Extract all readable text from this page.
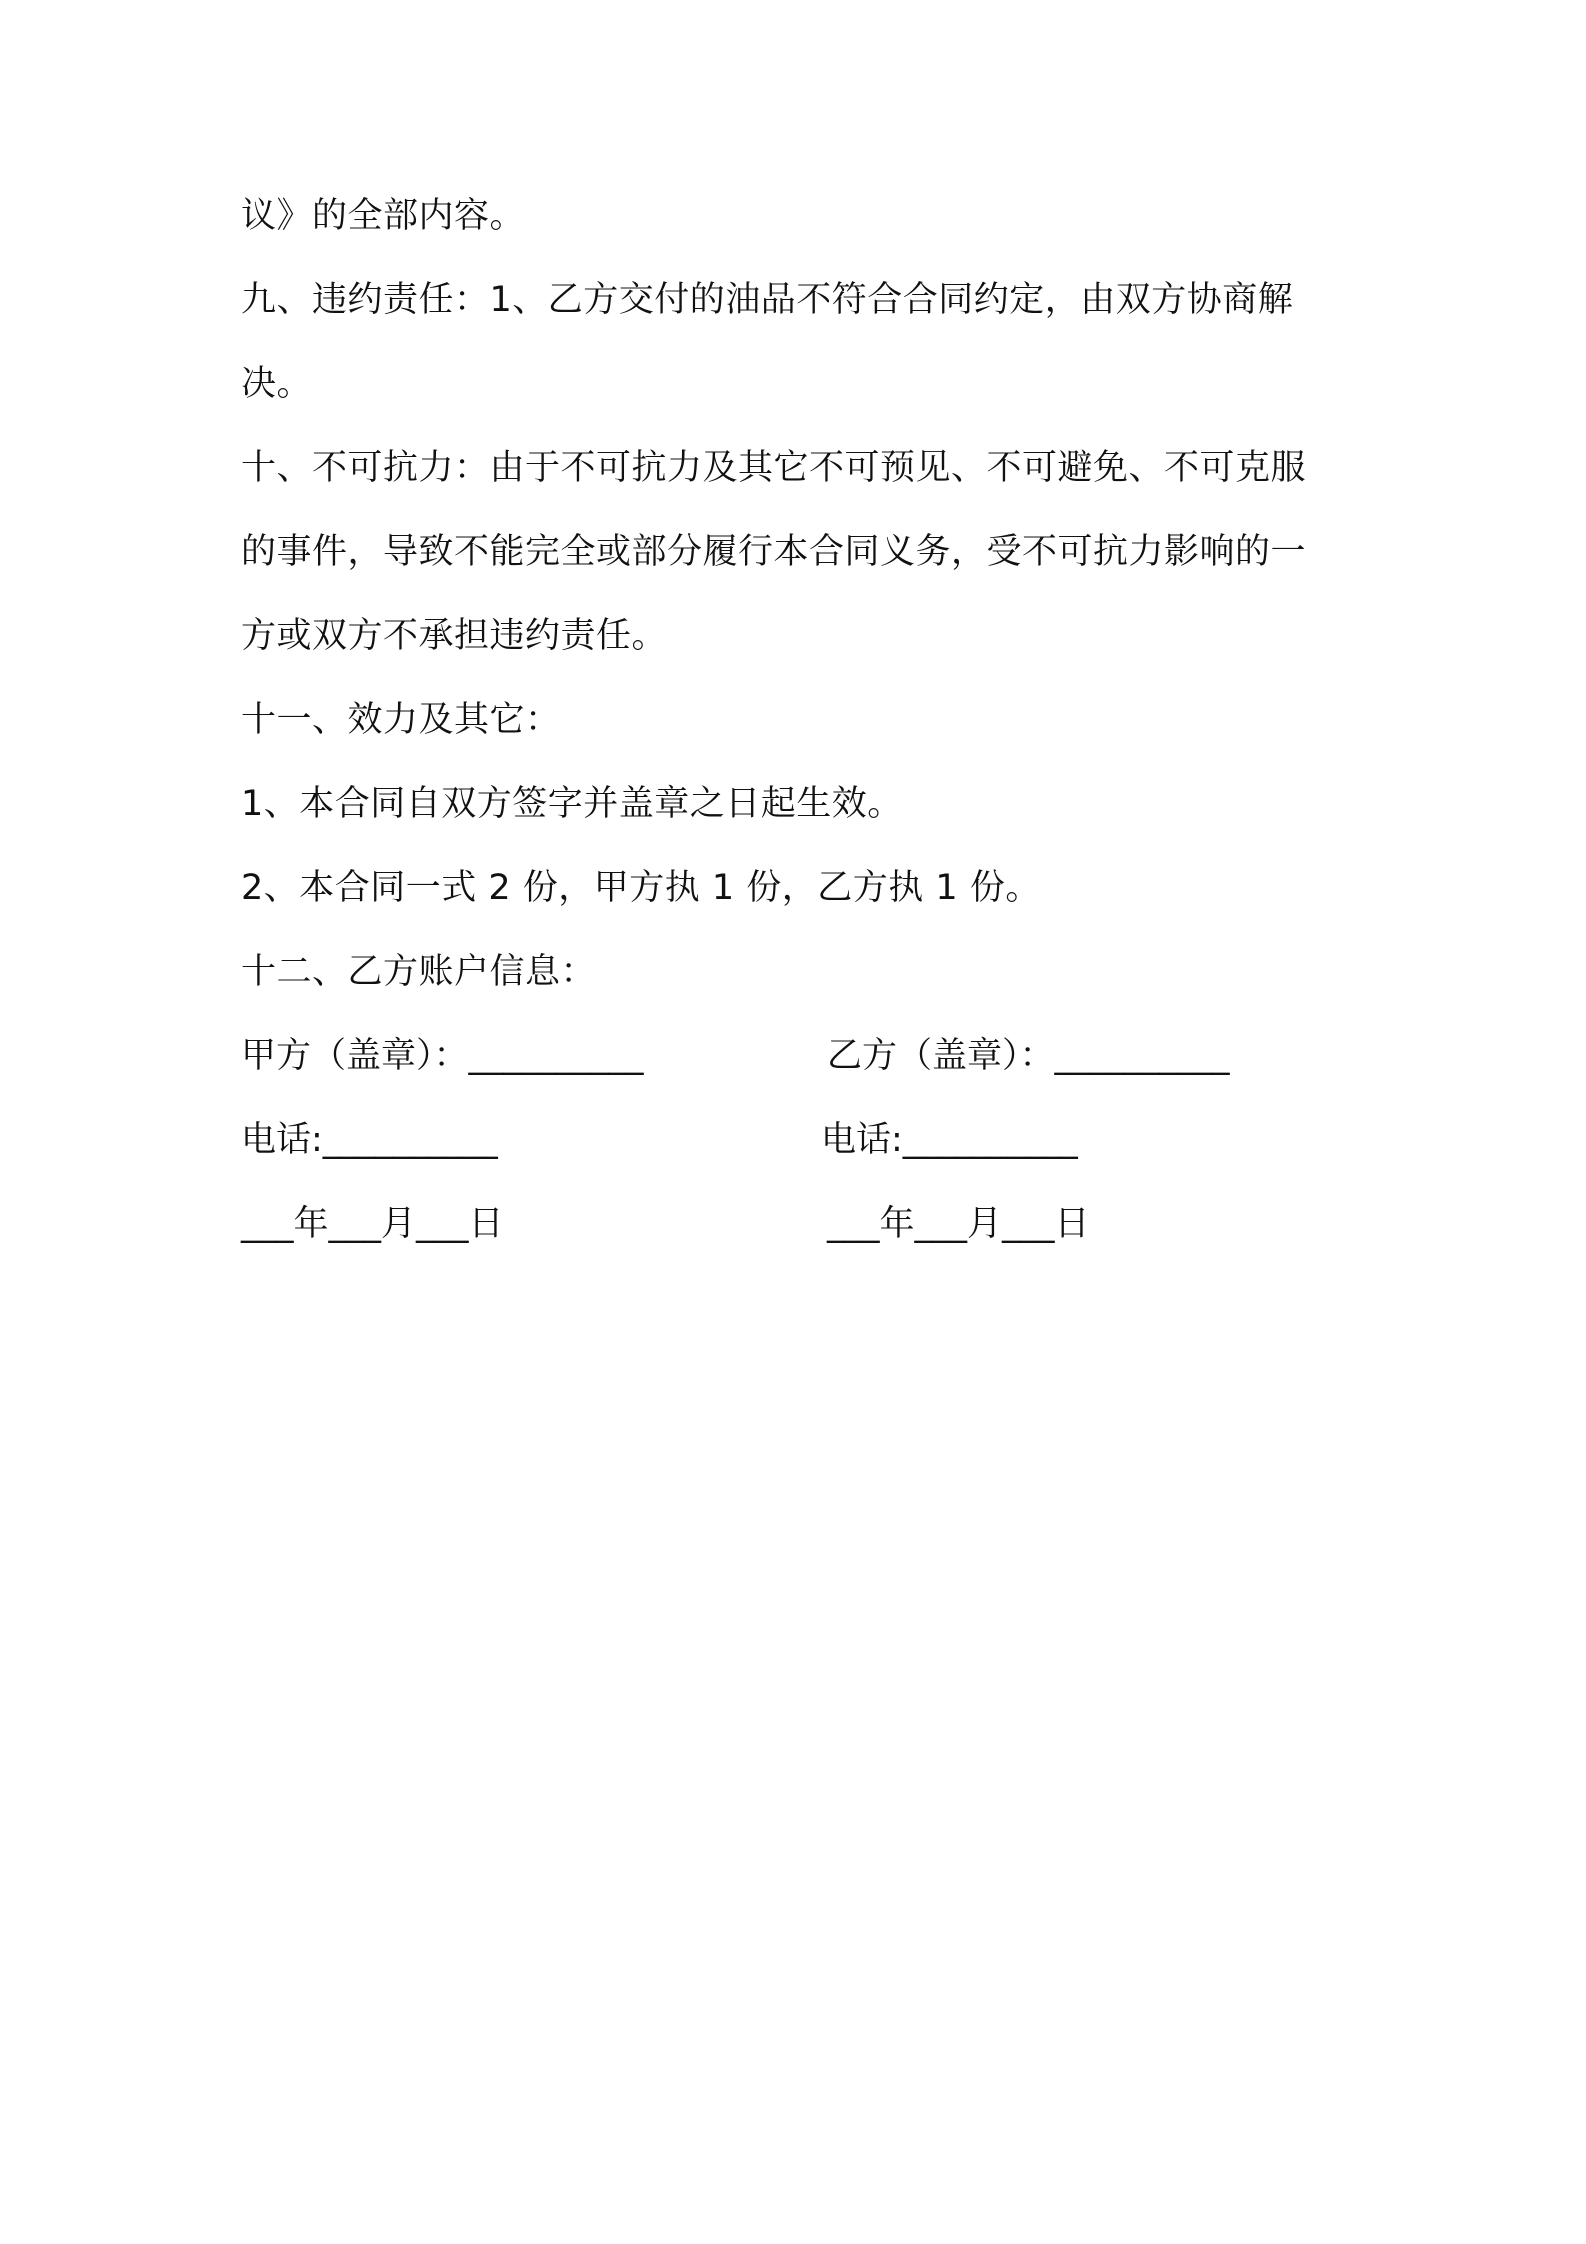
议》的全部内容。
九、违约责任：1、乙方交付的油品不符合合同约定，由双方协商解
决。
十、不可抗力：由于不可抗力及其它不可预见、不可避免、不可克服
的事件，导致不能完全或部分履行本合同义务，受不可抗力影响的一
方或双方不承担违约责任。
十一、效力及其它：
1、本合同自双方签字并盖章之日起生效。
2、本合同一式 2 份，甲方执 1 份，乙方执 1 份。
十二、乙方账户信息：
甲方（盖章）：__________	乙方（盖章）：__________
电话:__________	电话:__________
___年___月___日	___年___月___日
